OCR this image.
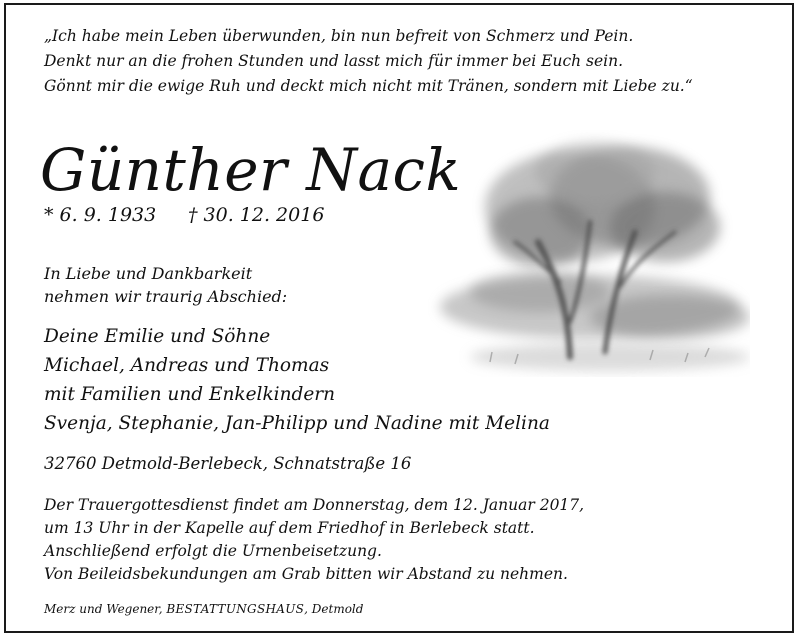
„Ich habe mein Leben überwunden, bin nun befreit von Schmerz und Pein.
Denkt nur an die frohen Stunden und lasst mich für immer bei Euch sein.
Gönnt mir die ewige Ruh und deckt mich nicht mit Tränen, sondern mit Liebe zu.“
Günther Nack
* 6. 9. 1933 † 30. 12. 2016
In Liebe und Dankbarkeit
nehmen wir traurig Abschied:
Deine Emilie und Söhne
Michael, Andreas und Thomas
mit Familien und Enkelkindern
Svenja, Stephanie, Jan-Philipp und Nadine mit Melina
32760 Detmold-Berlebeck, Schnatstraße 16
Der Trauergottesdienst findet am Donnerstag, dem 12. Januar 2017,
um 13 Uhr in der Kapelle auf dem Friedhof in Berlebeck statt.
Anschließend erfolgt die Urnenbeisetzung.
Von Beileidsbekundungen am Grab bitten wir Abstand zu nehmen.
Merz und Wegener, BESTATTUNGSHAUS, Detmold
